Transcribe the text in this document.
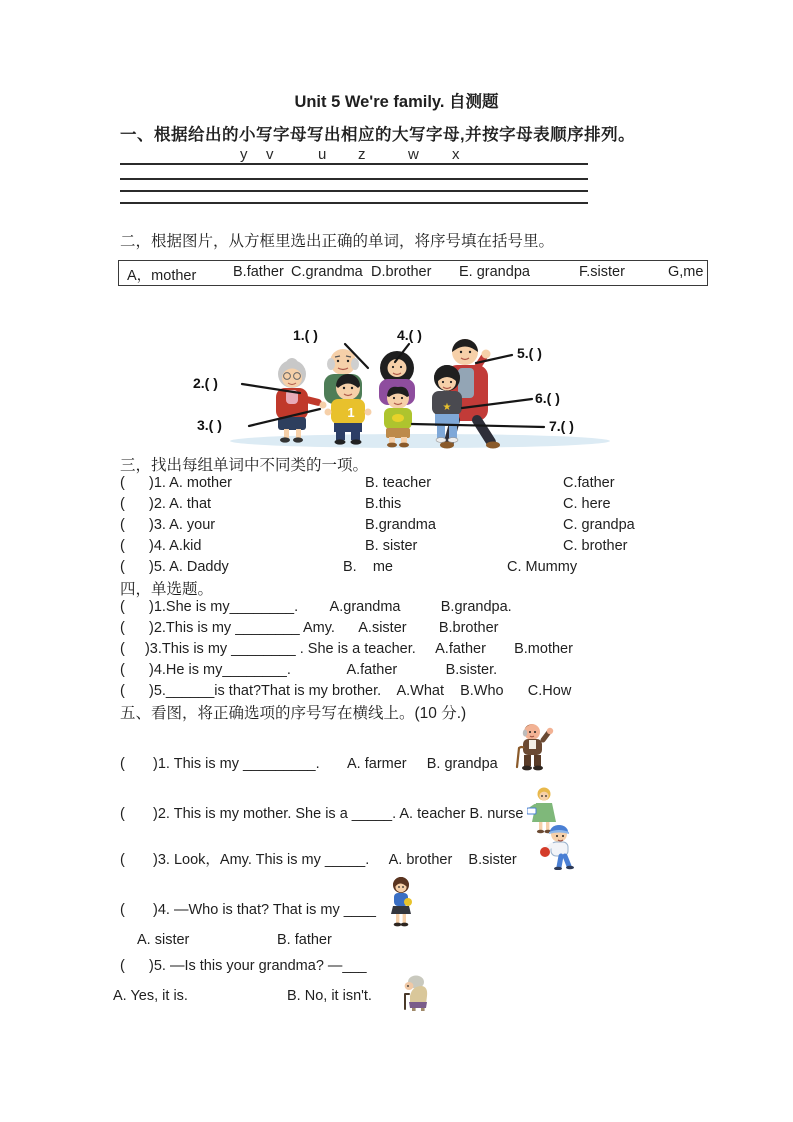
Unit 5 We're family. 自测题
一、根据给出的小写字母写出相应的大写字母,并按字母表顺序排列。
y v	u z	w x
二，根据图片，从方框里选出正确的单词，将序号填在括号里。
A，mother	B.father C.grandma D.brother E. grandpa	F.sister	G,me
1	★
1.( )
2.( )
3.( )
4.( )
5.( )
6.( )
7.( )
三，找出每组单词中不同类的一项。
(      )1. A. mother	B. teacher	C.father
(      )2. A. that	B.this	C. here
(      )3. A. your	B.grandma	C. grandpa
(      )4. A.kid	B. sister	C. brother
(      )5. A. Daddy	B.    me	C. Mummy
四，单选题。
(      )1.She is my________.        A.grandma          B.grandpa.
(      )2.This is my ________ Amy.      A.sister        B.brother
(     )3.This is my ________ . She is a teacher.     A.father       B.mother
(      )4.He is my________.              A.father            B.sister.
(      )5.______is that?That is my brother.    A.What    B.Who      C.How
五、看图，将正确选项的序号写在横线上。(10 分.)
(       )1. This is my _________.       A. farmer     B. grandpa
(       )2. This is my mother. She is a _____. A. teacher B. nurse
(       )3. Look，Amy. This is my _____.     A. brother    B.sister
(       )4. —Who is that? That is my ____
A. sister	B. father
(      )5. —Is this your grandma? —___
A. Yes, it is.	B. No, it isn't.
